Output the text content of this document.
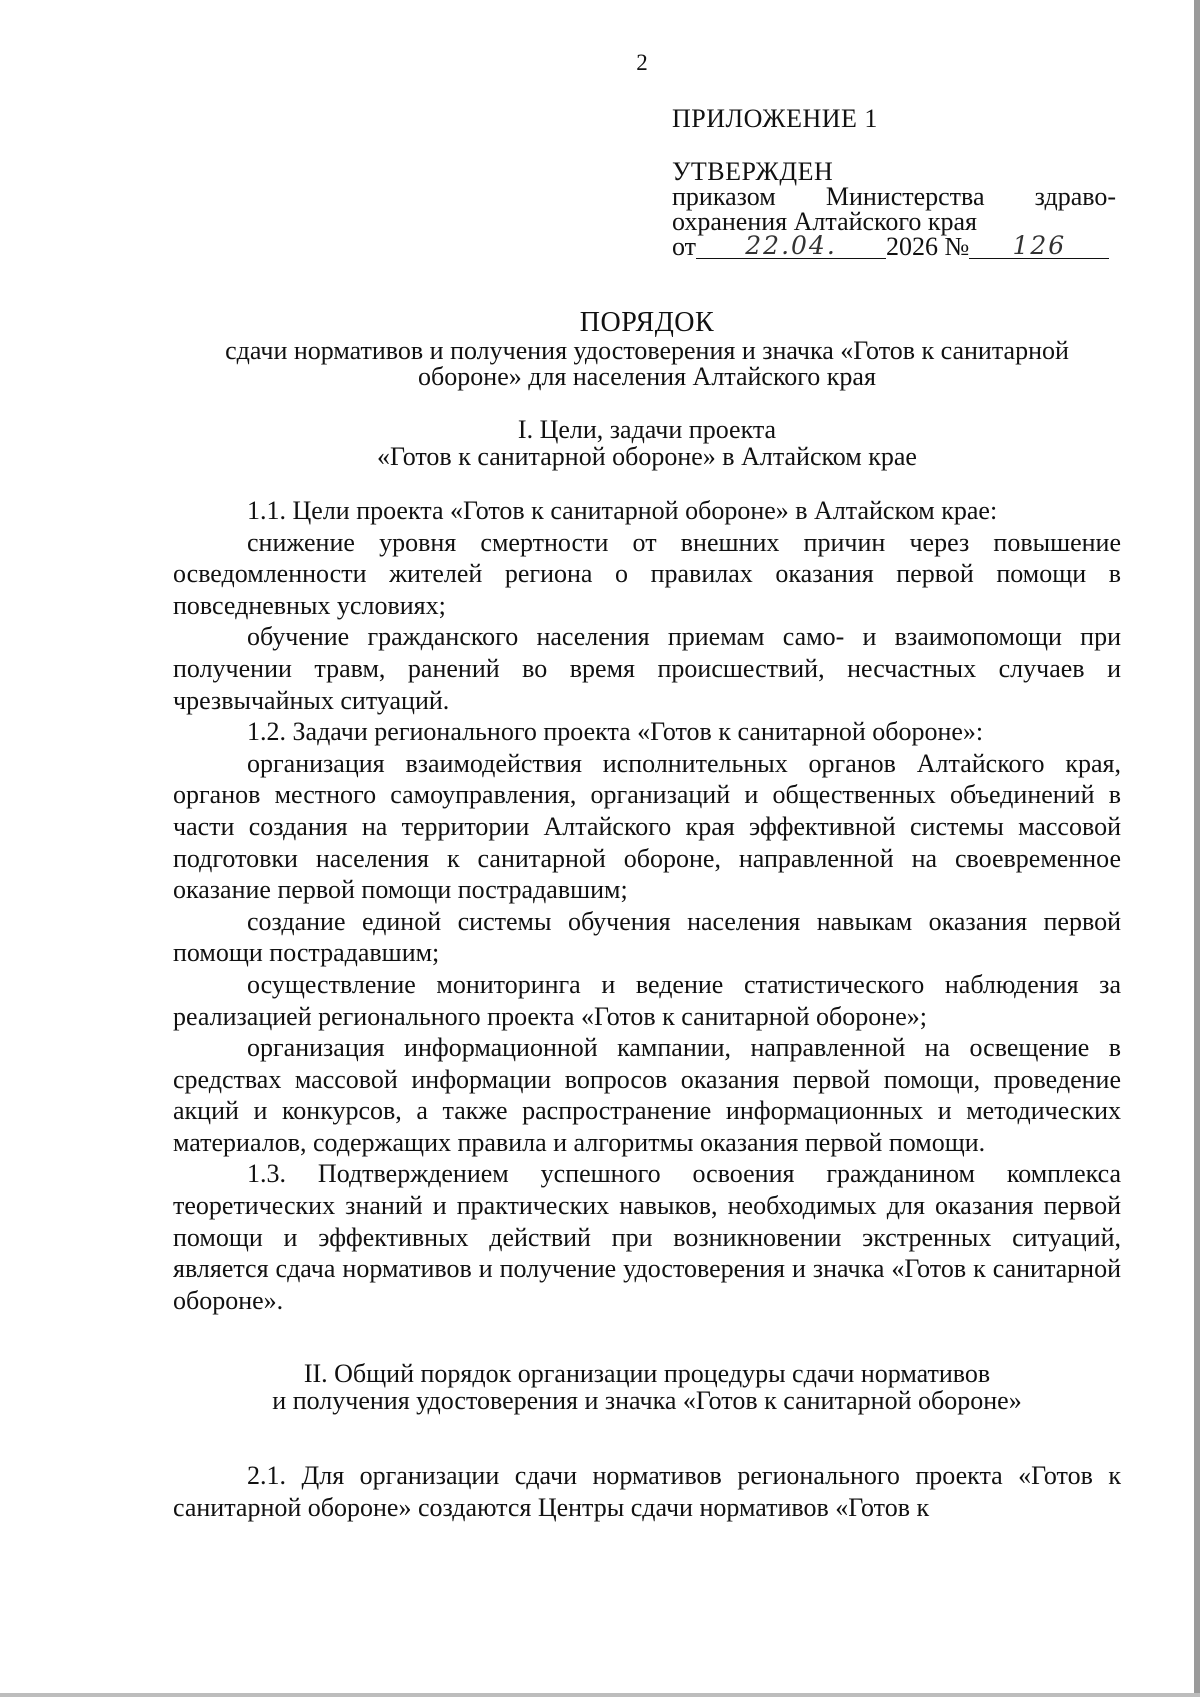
2

ПРИЛОЖЕНИЕ 1

УТВЕРЖДЕН

приказом Министерства здраво-

охранения Алтайского края

от	22.04.	2026 №	126

ПОРЯДОК

сдачи нормативов и получения удостоверения и значка «Готов к санитарной

обороне» для населения Алтайского края

I. Цели, задачи проекта

«Готов к санитарной обороне» в Алтайском крае

1.1. Цели проекта «Готов к санитарной обороне» в Алтайском крае:

снижение уровня смертности от внешних причин через повышение осведомленности жителей региона о правилах оказания первой помощи в повседневных условиях;

обучение гражданского населения приемам само- и взаимопомощи при получении травм, ранений во время происшествий, несчастных случаев и чрезвычайных ситуаций.

1.2. Задачи регионального проекта «Готов к санитарной обороне»:

организация взаимодействия исполнительных органов Алтайского края, органов местного самоуправления, организаций и общественных объединений в части создания на территории Алтайского края эффективной системы массовой подготовки населения к санитарной обороне, направленной на своевременное оказание первой помощи пострадавшим;

создание единой системы обучения населения навыкам оказания первой помощи пострадавшим;

осуществление мониторинга и ведение статистического наблюдения за реализацией регионального проекта «Готов к санитарной обороне»;

организация информационной кампании, направленной на освещение в средствах массовой информации вопросов оказания первой помощи, проведение акций и конкурсов, а также распространение информационных и методических материалов, содержащих правила и алгоритмы оказания первой помощи.

1.3. Подтверждением успешного освоения гражданином комплекса теоретических знаний и практических навыков, необходимых для оказания первой помощи и эффективных действий при возникновении экстренных ситуаций, является сдача нормативов и получение удостоверения и значка «Готов к санитарной обороне».

II. Общий порядок организации процедуры сдачи нормативов

и получения удостоверения и значка «Готов к санитарной обороне»

2.1. Для организации сдачи нормативов регионального проекта «Готов к санитарной обороне» создаются Центры сдачи нормативов «Готов к
